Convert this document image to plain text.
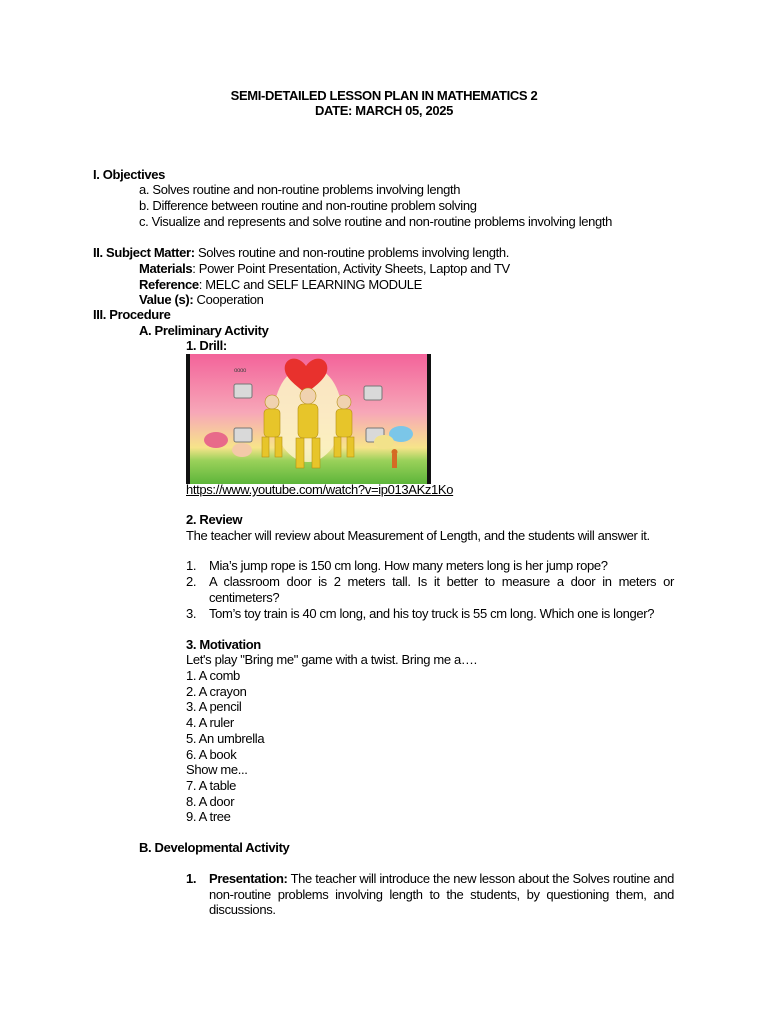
SEMI-DETAILED LESSON PLAN IN MATHEMATICS 2
DATE: MARCH 05, 2025
I. Objectives
a. Solves routine and non-routine problems involving length
b. Difference between routine and non-routine problem solving
c. Visualize and represents and solve routine and non-routine problems involving length
II. Subject Matter: Solves routine and non-routine problems involving length.
Materials: Power Point Presentation, Activity Sheets, Laptop and TV
Reference: MELC and SELF LEARNING MODULE
Value (s): Cooperation
III. Procedure
A. Preliminary Activity
1. Drill:
oooo
https://www.youtube.com/watch?v=ip013AKz1Ko
2. Review
The teacher will review about Measurement of Length, and the students will answer it.
1. Mia’s jump rope is 150 cm long. How many meters long is her jump rope?
2. A classroom door is 2 meters tall. Is it better to measure a door in meters or centimeters?
3. Tom’s toy train is 40 cm long, and his toy truck is 55 cm long. Which one is longer?
3. Motivation
Let's play "Bring me" game with a twist. Bring me a….
1. A comb
2. A crayon
3. A pencil
4. A ruler
5. An umbrella
6. A book
Show me...
7. A table
8. A door
9. A tree
B. Developmental Activity
1. Presentation: The teacher will introduce the new lesson about the Solves routine and non-routine problems involving length to the students, by questioning them, and discussions.
